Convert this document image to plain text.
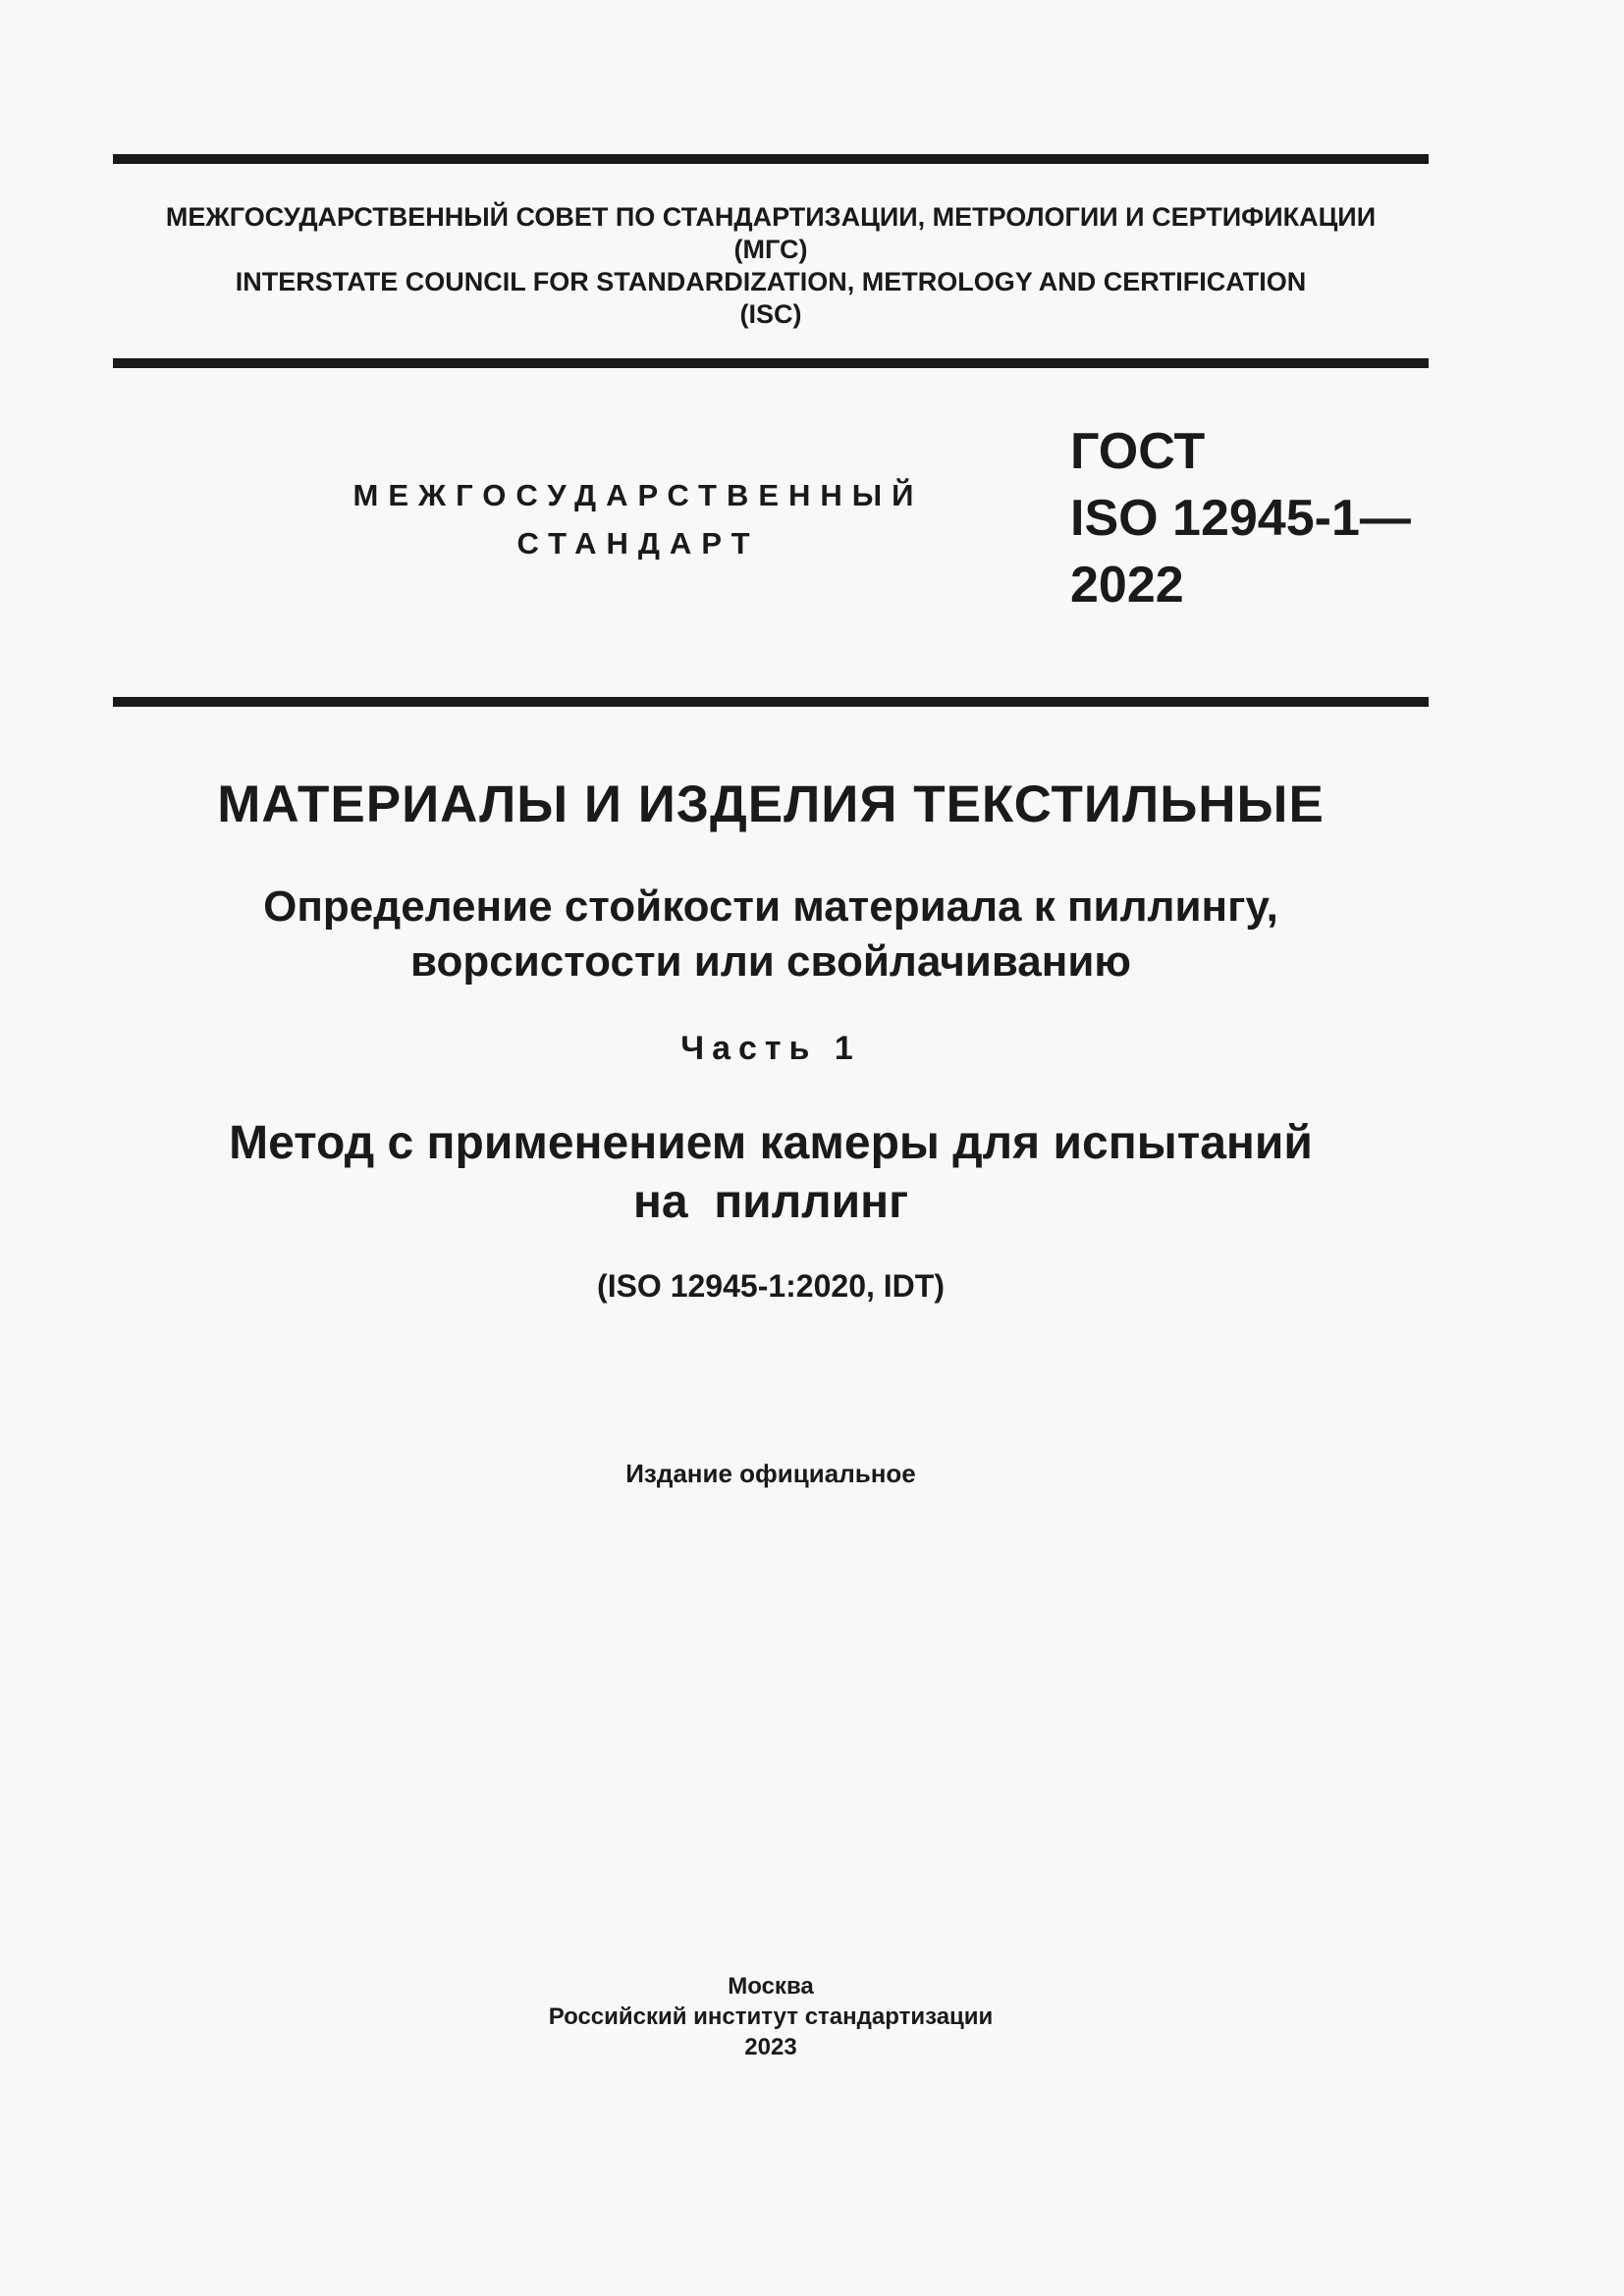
МЕЖГОСУДАРСТВЕННЫЙ СОВЕТ ПО СТАНДАРТИЗАЦИИ, МЕТРОЛОГИИ И СЕРТИФИКАЦИИ
(МГС)
INTERSTATE COUNCIL FOR STANDARDIZATION, METROLOGY AND CERTIFICATION
(ISC)
МЕЖГОСУДАРСТВЕННЫЙ
СТАНДАРТ
ГОСТ
ISO 12945-1—
2022
МАТЕРИАЛЫ И ИЗДЕЛИЯ ТЕКСТИЛЬНЫЕ
Определение стойкости материала к пиллингу,
ворсистости или свойлачиванию
Часть 1
Метод с применением камеры для испытаний
на  пиллинг
(ISO 12945-1:2020, IDT)
Издание официальное
Москва
Российский институт стандартизации
2023
